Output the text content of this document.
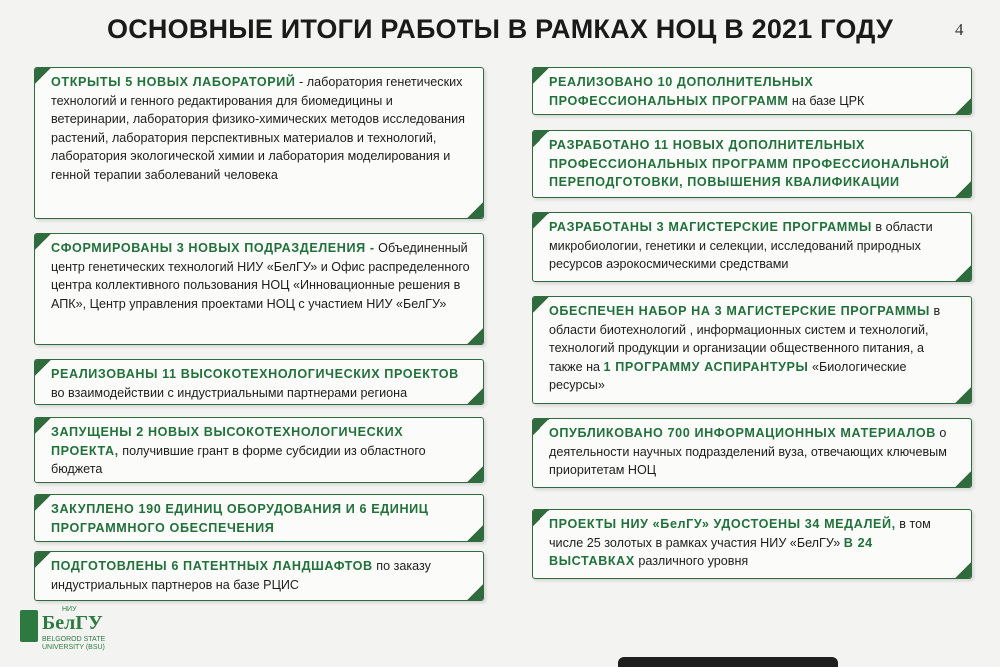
ОСНОВНЫЕ ИТОГИ РАБОТЫ В РАМКАХ НОЦ В 2021 ГОДУ	4
ОТКРЫТЫ 5 НОВЫХ ЛАБОРАТОРИЙ - лаборатория генетических технологий и генного редактирования для биомедицины и ветеринарии, лаборатория физико-химических методов исследования растений, лаборатория перспективных материалов и технологий, лаборатория экологической химии и лаборатория моделирования и генной терапии заболеваний человека
СФОРМИРОВАНЫ 3 НОВЫХ ПОДРАЗДЕЛЕНИЯ - Объединенный центр генетических технологий НИУ «БелГУ» и Офис распределенного центра коллективного пользования НОЦ «Инновационные решения в АПК», Центр управления проектами НОЦ с участием НИУ «БелГУ»
РЕАЛИЗОВАНЫ 11 ВЫСОКОТЕХНОЛОГИЧЕСКИХ ПРОЕКТОВ во взаимодействии с индустриальными партнерами региона
ЗАПУЩЕНЫ 2 НОВЫХ ВЫСОКОТЕХНОЛОГИЧЕСКИХ ПРОЕКТА, получившие грант в форме субсидии из областного бюджета
ЗАКУПЛЕНО 190 ЕДИНИЦ ОБОРУДОВАНИЯ И 6 ЕДИНИЦ ПРОГРАММНОГО ОБЕСПЕЧЕНИЯ
ПОДГОТОВЛЕНЫ 6 ПАТЕНТНЫХ ЛАНДШАФТОВ по заказу индустриальных партнеров на базе РЦИС
РЕАЛИЗОВАНО 10 ДОПОЛНИТЕЛЬНЫХ ПРОФЕССИОНАЛЬНЫХ ПРОГРАММ на базе ЦРК
РАЗРАБОТАНО 11 НОВЫХ ДОПОЛНИТЕЛЬНЫХ ПРОФЕССИОНАЛЬНЫХ ПРОГРАММ ПРОФЕССИОНАЛЬНОЙ ПЕРЕПОДГОТОВКИ, ПОВЫШЕНИЯ КВАЛИФИКАЦИИ
РАЗРАБОТАНЫ 3 МАГИСТЕРСКИЕ ПРОГРАММЫ в области микробиологии, генетики и селекции, исследований природных ресурсов аэрокосмическими средствами
ОБЕСПЕЧЕН НАБОР НА 3 МАГИСТЕРСКИЕ ПРОГРАММЫ в области биотехнологий , информационных систем и технологий, технологий продукции и организации общественного питания, а также на 1 ПРОГРАММУ АСПИРАНТУРЫ «Биологические ресурсы»
ОПУБЛИКОВАНО 700 ИНФОРМАЦИОННЫХ МАТЕРИАЛОВ о деятельности научных подразделений вуза, отвечающих ключевым приоритетам НОЦ
ПРОЕКТЫ НИУ «БелГУ» УДОСТОЕНЫ 34 МЕДАЛЕЙ, в том числе 25 золотых в рамках участия НИУ «БелГУ» В 24 ВЫСТАВКАХ различного уровня
НИУ
БелГУ
BELGOROD STATE UNIVERSITY (BSU)
